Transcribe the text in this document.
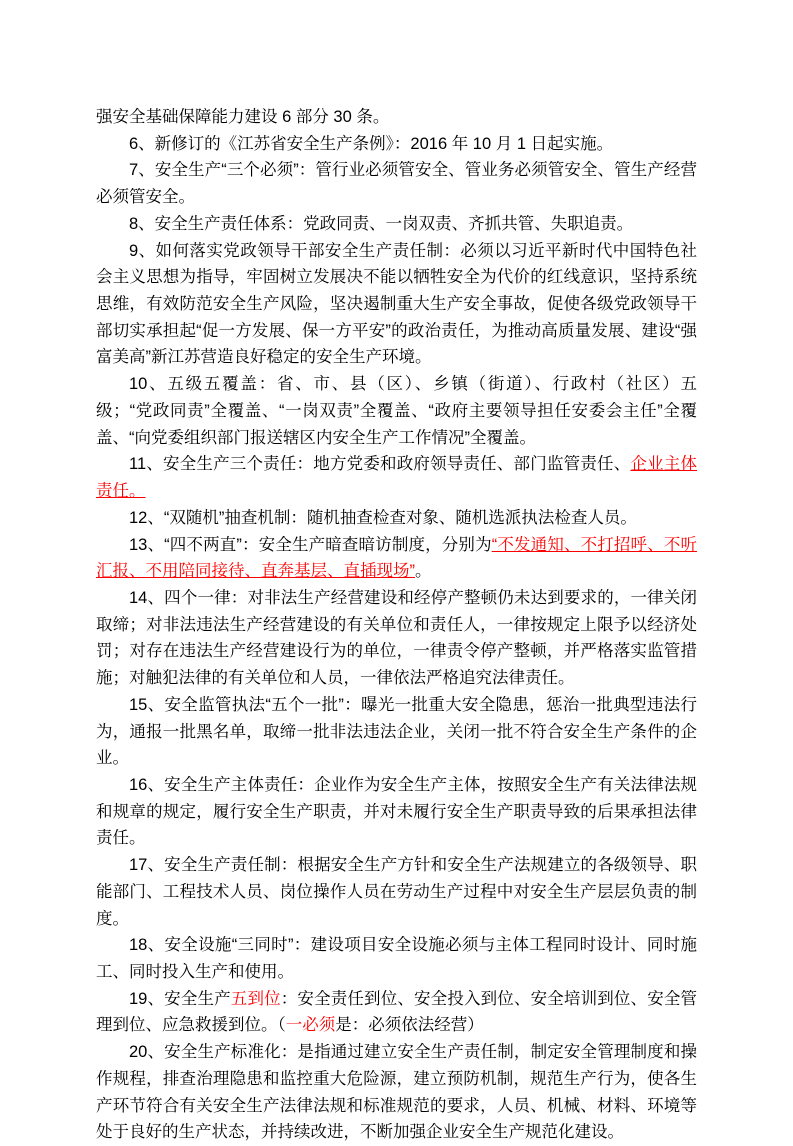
强安全基础保障能力建设 6 部分 30 条。
6、新修订的《江苏省安全生产条例》：2016 年 10 月 1 日起实施。
7、安全生产“三个必须”：管行业必须管安全、管业务必须管安全、管生产经营必须管安全。
8、安全生产责任体系：党政同责、一岗双责、齐抓共管、失职追责。
9、如何落实党政领导干部安全生产责任制：必须以习近平新时代中国特色社会主义思想为指导，牢固树立发展决不能以牺牲安全为代价的红线意识，坚持系统思维，有效防范安全生产风险，坚决遏制重大生产安全事故，促使各级党政领导干部切实承担起“促一方发展、保一方平安”的政治责任，为推动高质量发展、建设“强富美高”新江苏营造良好稳定的安全生产环境。
10、五级五覆盖：省、市、县（区）、乡镇（街道）、行政村（社区）五级；“党政同责”全覆盖、“一岗双责”全覆盖、“政府主要领导担任安委会主任”全覆盖、“向党委组织部门报送辖区内安全生产工作情况”全覆盖。
11、安全生产三个责任：地方党委和政府领导责任、部门监管责任、企业主体责任。
12、“双随机”抽查机制：随机抽查检查对象、随机选派执法检查人员。
13、“四不两直”：安全生产暗查暗访制度，分别为“不发通知、不打招呼、不听汇报、不用陪同接待、直奔基层、直插现场”。
14、四个一律：对非法生产经营建设和经停产整顿仍未达到要求的，一律关闭取缔；对非法违法生产经营建设的有关单位和责任人，一律按规定上限予以经济处罚；对存在违法生产经营建设行为的单位，一律责令停产整顿，并严格落实监管措施；对触犯法律的有关单位和人员，一律依法严格追究法律责任。
15、安全监管执法“五个一批”：曝光一批重大安全隐患，惩治一批典型违法行为，通报一批黑名单，取缔一批非法违法企业，关闭一批不符合安全生产条件的企业。
16、安全生产主体责任：企业作为安全生产主体，按照安全生产有关法律法规和规章的规定，履行安全生产职责，并对未履行安全生产职责导致的后果承担法律责任。
17、安全生产责任制：根据安全生产方针和安全生产法规建立的各级领导、职能部门、工程技术人员、岗位操作人员在劳动生产过程中对安全生产层层负责的制度。
18、安全设施“三同时”：建设项目安全设施必须与主体工程同时设计、同时施工、同时投入生产和使用。
19、安全生产五到位：安全责任到位、安全投入到位、安全培训到位、安全管理到位、应急救援到位。（一必须是：必须依法经营）
20、安全生产标准化：是指通过建立安全生产责任制，制定安全管理制度和操作规程，排查治理隐患和监控重大危险源，建立预防机制，规范生产行为，使各生产环节符合有关安全生产法律法规和标准规范的要求，人员、机械、材料、环境等处于良好的生产状态，并持续改进，不断加强企业安全生产规范化建设。
